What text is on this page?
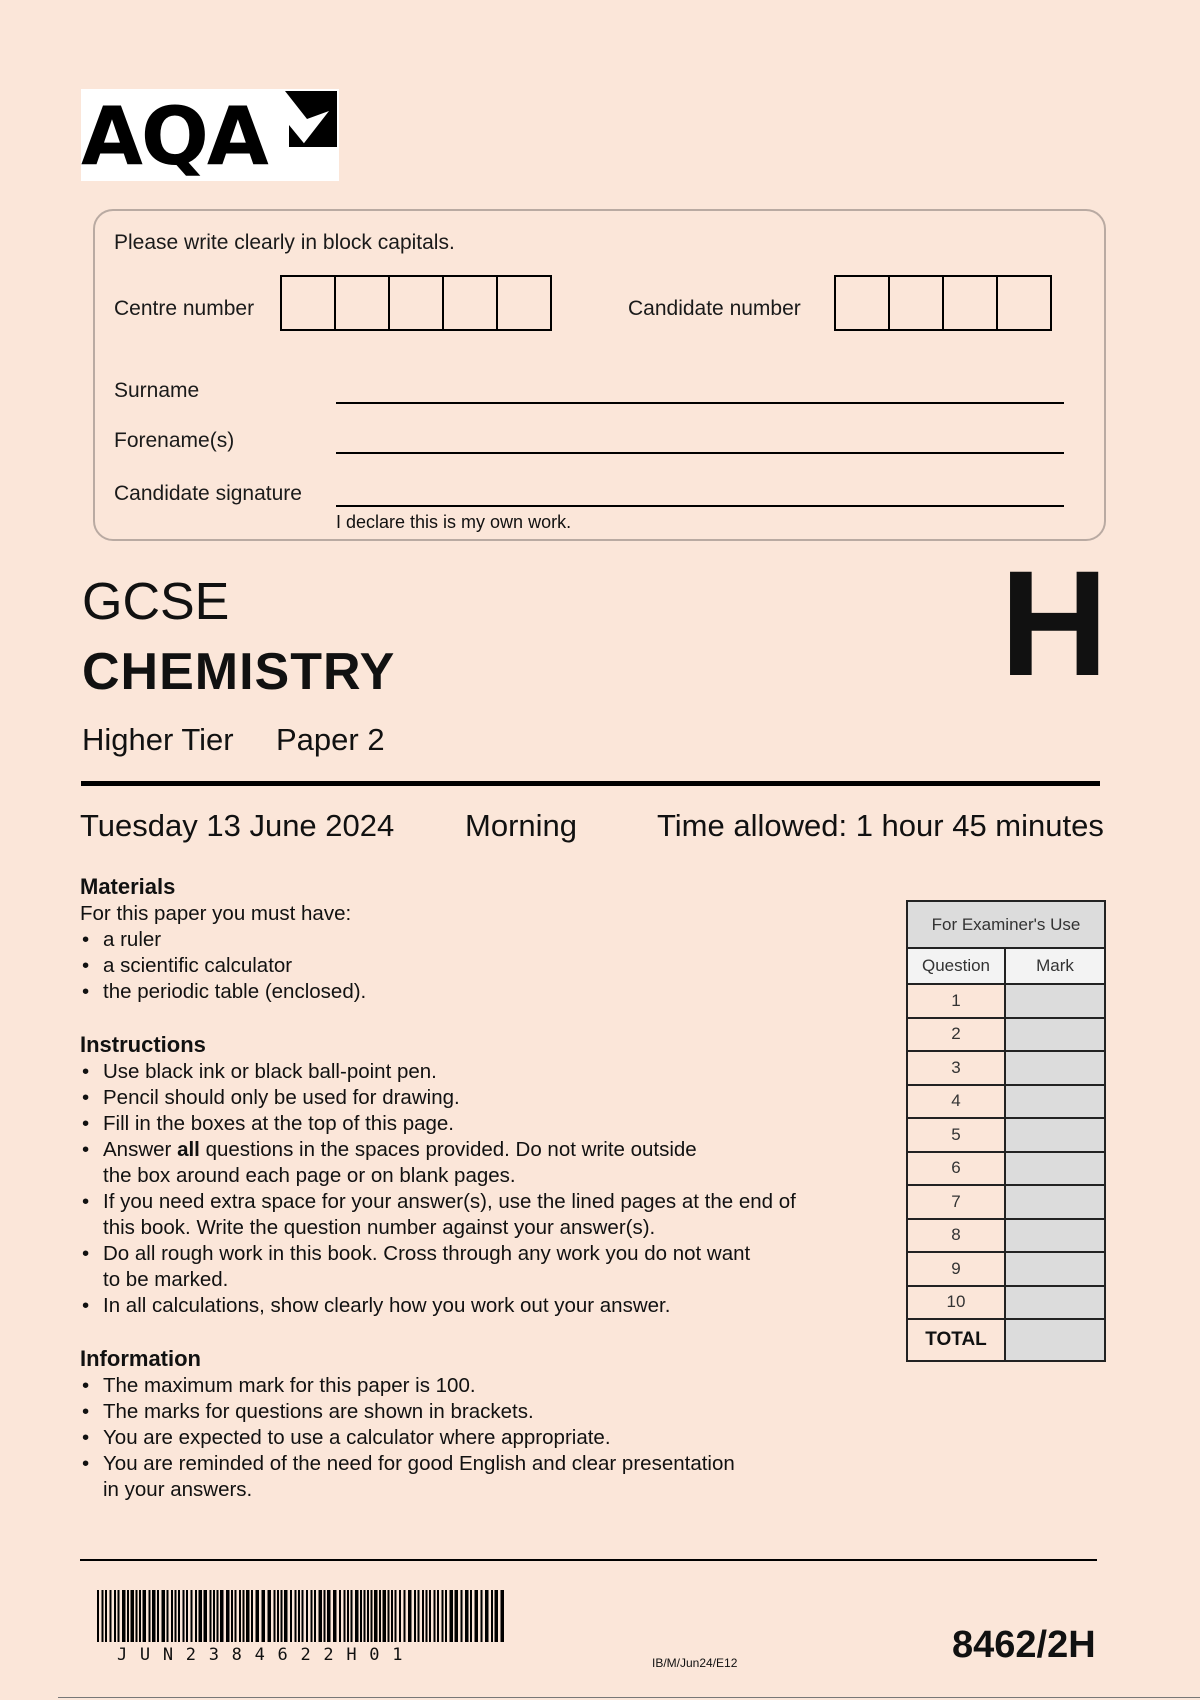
AQA
Please write clearly in block capitals.
Centre number	Candidate number
Surname
Forename(s)
Candidate signature
I declare this is my own work.
GCSE
CHEMISTRY
Higher Tier Paper 2
H
Tuesday 13 June 2024 Morning	Time allowed: 1 hour 45 minutes
Materials

For this paper you must have:

• a ruler
• a scientific calculator
• the periodic table (enclosed).
Instructions
• Use black ink or black ball-point pen.
• Pencil should only be used for drawing.
• Fill in the boxes at the top of this page.
• Answer all questions in the spaces provided. Do not write outside
the box around each page or on blank pages.
• If you need extra space for your answer(s), use the lined pages at the end of
this book. Write the question number against your answer(s).
• Do all rough work in this book. Cross through any work you do not want
to be marked.
• In all calculations, show clearly how you work out your answer.
Information
• The maximum mark for this paper is 100.
• The marks for questions are shown in brackets.
• You are expected to use a calculator where appropriate.
• You are reminded of the need for good English and clear presentation
in your answers.
For Examiner's Use	
Question	Mark
1	
2	
3	
4	
5	
6	
7	
8	
9	
10	
TOTAL	
JUN2384622H01	IB/M/Jun24/E12	8462/2H
